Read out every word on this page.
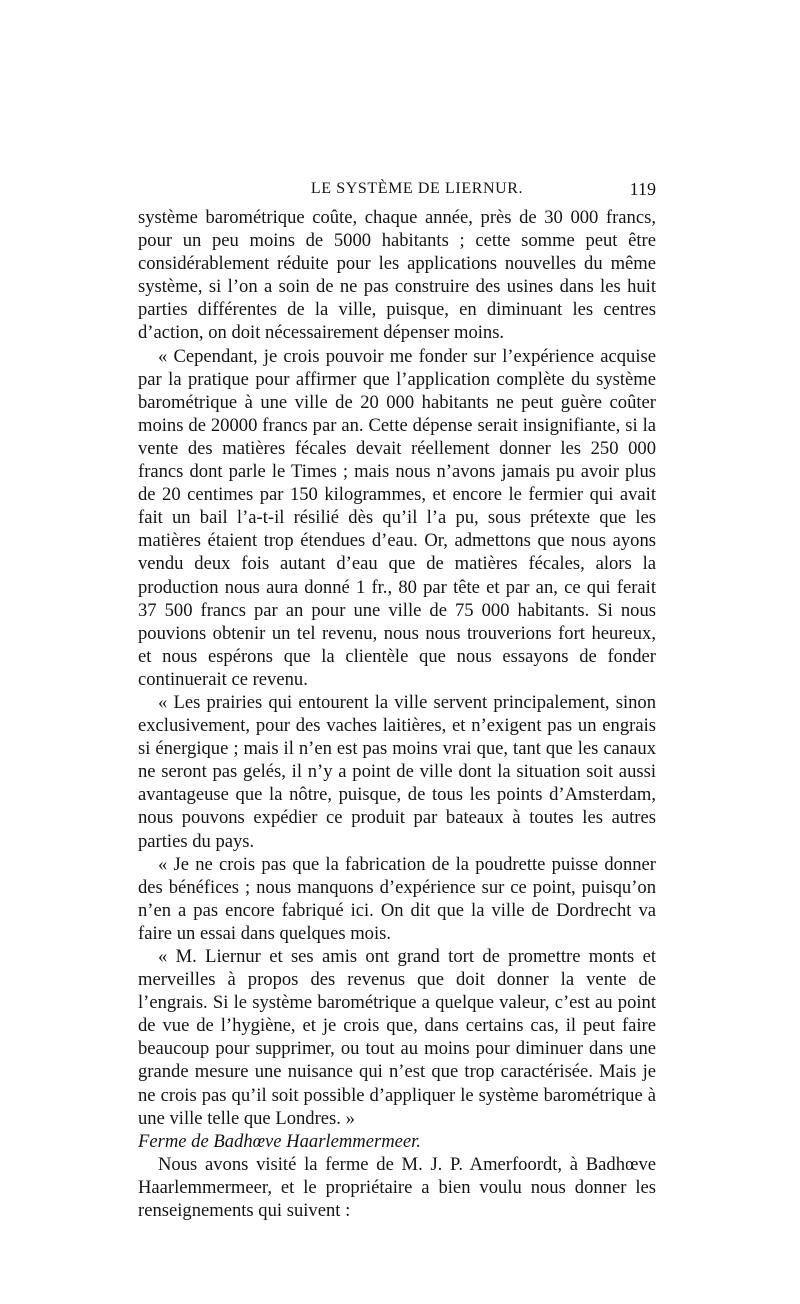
LE SYSTÈME DE LIERNUR.	119

système barométrique coûte, chaque année, près de 30 000 francs, pour un peu moins de 5000 habitants ; cette somme peut être considérablement réduite pour les applications nouvelles du même système, si l’on a soin de ne pas construire des usines dans les huit parties différentes de la ville, puisque, en diminuant les centres d’action, on doit nécessairement dépenser moins.

« Cependant, je crois pouvoir me fonder sur l’expérience acquise par la pratique pour affirmer que l’application complète du système barométrique à une ville de 20 000 habitants ne peut guère coûter moins de 20000 francs par an. Cette dépense serait insignifiante, si la vente des matières fécales devait réellement donner les 250 000 francs dont parle le Times ; mais nous n’avons jamais pu avoir plus de 20 centimes par 150 kilogrammes, et encore le fermier qui avait fait un bail l’a-t-il résilié dès qu’il l’a pu, sous prétexte que les matières étaient trop étendues d’eau. Or, admettons que nous ayons vendu deux fois autant d’eau que de matières fécales, alors la production nous aura donné 1 fr., 80 par tête et par an, ce qui ferait 37 500 francs par an pour une ville de 75 000 habitants. Si nous pouvions obtenir un tel revenu, nous nous trouverions fort heureux, et nous espérons que la clientèle que nous essayons de fonder continuerait ce revenu.

« Les prairies qui entourent la ville servent principalement, sinon exclusivement, pour des vaches laitières, et n’exigent pas un engrais si énergique ; mais il n’en est pas moins vrai que, tant que les canaux ne seront pas gelés, il n’y a point de ville dont la situation soit aussi avantageuse que la nôtre, puisque, de tous les points d’Amsterdam, nous pouvons expédier ce produit par bateaux à toutes les autres parties du pays.

« Je ne crois pas que la fabrication de la poudrette puisse donner des bénéfices ; nous manquons d’expérience sur ce point, puisqu’on n’en a pas encore fabriqué ici. On dit que la ville de Dordrecht va faire un essai dans quelques mois.

« M. Liernur et ses amis ont grand tort de promettre monts et merveilles à propos des revenus que doit donner la vente de l’engrais. Si le système barométrique a quelque valeur, c’est au point de vue de l’hygiène, et je crois que, dans certains cas, il peut faire beaucoup pour supprimer, ou tout au moins pour diminuer dans une grande mesure une nuisance qui n’est que trop caractérisée. Mais je ne crois pas qu’il soit possible d’appliquer le système barométrique à une ville telle que Londres. »

Ferme de Badhœve Haarlemmermeer.

Nous avons visité la ferme de M. J. P. Amerfoordt, à Badhœve Haarlemmermeer, et le propriétaire a bien voulu nous donner les renseignements qui suivent :
